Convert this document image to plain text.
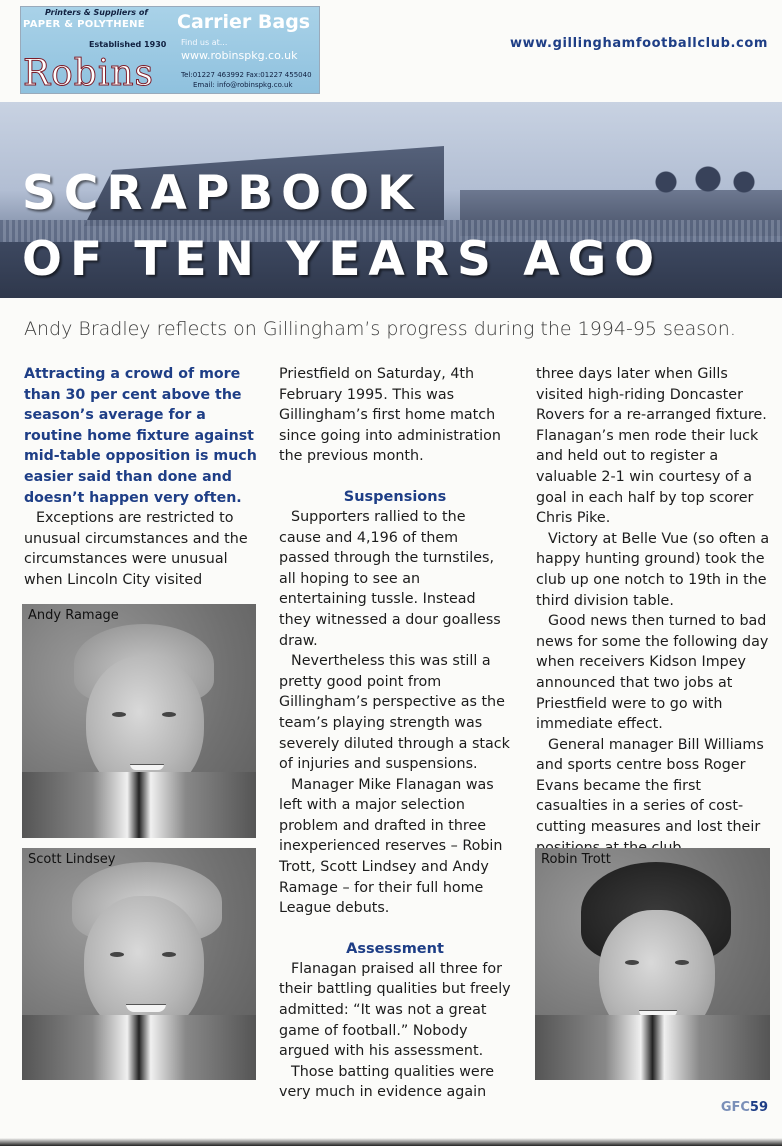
Printers & Suppliers of
PAPER & POLYTHENE Carrier Bags
Established 1930 Find us at...
www.robinspkg.co.uk
Robins	Tel:01227 463992 Fax:01227 455040
Email: info@robinspkg.co.uk
www.gillinghamfootballclub.com
SCRAPBOOK
OF TEN YEARS AGO
Andy Bradley reflects on Gillingham’s progress during the 1994-95 season.

Attracting a crowd of more than 30 per cent above the season’s average for a routine home fixture against mid-table opposition is much easier said than done and doesn’t happen very often.

Exceptions are restricted to unusual circumstances and the circumstances were unusual when Lincoln City visited

Priestfield on Saturday, 4th February 1995. This was Gillingham’s first home match since going into administration the previous month.

Suspensions

Supporters rallied to the cause and 4,196 of them passed through the turnstiles, all hoping to see an entertaining tussle. Instead they witnessed a dour goalless draw.

Nevertheless this was still a pretty good point from Gillingham’s perspective as the team’s playing strength was severely diluted through a stack of injuries and suspensions.

Manager Mike Flanagan was left with a major selection problem and drafted in three inexperienced reserves – Robin Trott, Scott Lindsey and Andy Ramage – for their full home League debuts.

Assessment

Flanagan praised all three for their battling qualities but freely admitted: “It was not a great game of football.” Nobody argued with his assessment.

Those batting qualities were very much in evidence again

three days later when Gills visited high-riding Doncaster Rovers for a re-arranged fixture. Flanagan’s men rode their luck and held out to register a valuable 2-1 win courtesy of a goal in each half by top scorer Chris Pike.

Victory at Belle Vue (so often a happy hunting ground) took the club up one notch to 19th in the third division table.

Good news then turned to bad news for some the following day when receivers Kidson Impey announced that two jobs at Priestfield were to go with immediate effect.

General manager Bill Williams and sports centre boss Roger Evans became the first casualties in a series of cost-cutting measures and lost their

Andy Ramage
Scott Lindsey	Robin Trott
GFC59
